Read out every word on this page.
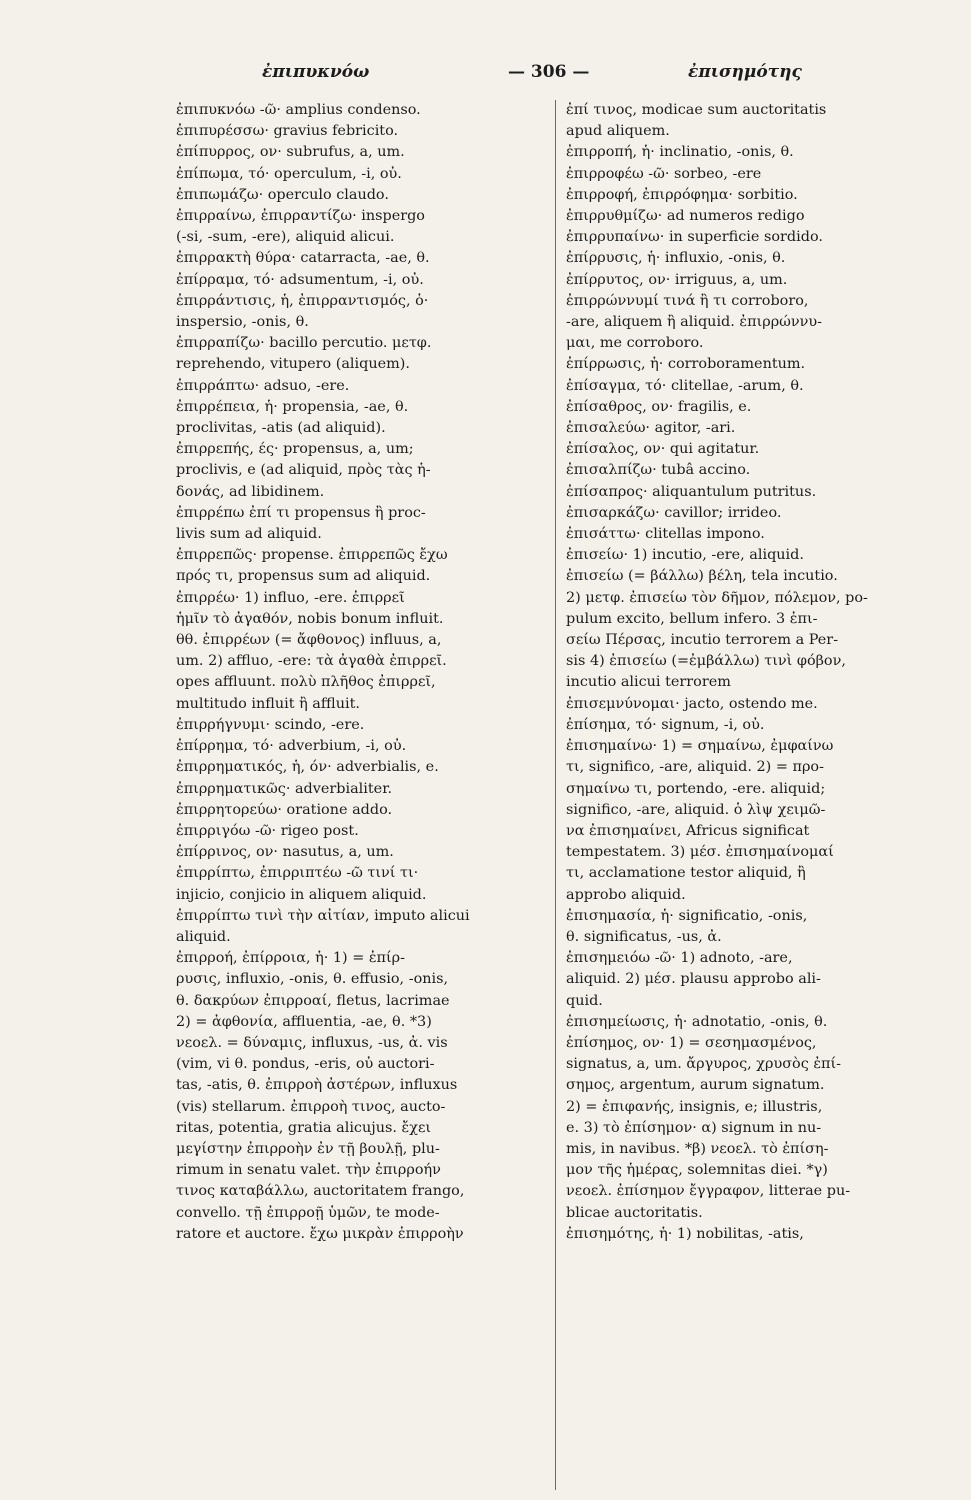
ἐπιπυκνόω	— 306 —	ἐπισημότης
ἐπιπυκνόω -ῶ· amplius condenso.
ἐπιπυρέσσω· gravius febricito.
ἐπίπυρρος, ον· subrufus, a, um.
ἐπίπωμα, τό· operculum, -i, οὐ.
ἐπιπωμάζω· operculo claudo.
ἐπιρραίνω, ἐπιρραντίζω· inspergo
(-si, -sum, -ere), aliquid alicui.
ἐπιρρακτὴ θύρα· catarracta, -ae, θ.
ἐπίρραμα, τό· adsumentum, -i, οὐ.
ἐπιρράντισις, ἡ, ἐπιρραντισμός, ὁ·
inspersio, -onis, θ.
ἐπιρραπίζω· bacillo percutio. μετφ.
reprehendo, vitupero (aliquem).
ἐπιρράπτω· adsuo, -ere.
ἐπιρρέπεια, ἡ· propensia, -ae, θ.
proclivitas, -atis (ad aliquid).
ἐπιρρεπής, ές· propensus, a, um;
proclivis, e (ad aliquid, πρὸς τὰς ἡ-
δονάς, ad libidinem.
ἐπιρρέπω ἐπί τι propensus ἢ proc-
livis sum ad aliquid.
ἐπιρρεπῶς· propense. ἐπιρρεπῶς ἔχω
πρός τι, propensus sum ad aliquid.
ἐπιρρέω· 1) influo, -ere. ἐπιρρεῖ
ἡμῖν τὸ ἀγαθόν, nobis bonum influit.
θθ. ἐπιρρέων (= ἄφθονος) influus, a,
um. 2) affluo, -ere: τὰ ἀγαθὰ ἐπιρρεῖ.
opes affluunt. πολὺ πλῆθος ἐπιρρεῖ,
multitudo influit ἢ affluit.
ἐπιρρήγνυμι· scindo, -ere.
ἐπίρρημα, τό· adverbium, -i, οὐ.
ἐπιρρηματικός, ἡ, όν· adverbialis, e.
ἐπιρρηματικῶς· adverbialiter.
ἐπιρρητορεύω· oratione addo.
ἐπιρριγόω -ῶ· rigeo post.
ἐπίρρινος, ον· nasutus, a, um.
ἐπιρρίπτω, ἐπιρριπτέω -ῶ τινί τι·
injicio, conjicio in aliquem aliquid.
ἐπιρρίπτω τινὶ τὴν αἰτίαν, imputo alicui
aliquid.
ἐπιρροή, ἐπίρροια, ἡ· 1) = ἐπίρ-
ρυσις, influxio, -onis, θ. effusio, -onis,
θ. δακρύων ἐπιρροαί, fletus, lacrimae
2) = ἀφθονία, affluentia, -ae, θ. *3)
νεοελ. = δύναμις, influxus, -us, ἀ. vis
(vim, vi θ. pondus, -eris, οὐ auctori-
tas, -atis, θ. ἐπιρροὴ ἀστέρων, influxus
(vis) stellarum. ἐπιρροὴ τινος, aucto-
ritas, potentia, gratia alicujus. ἔχει
μεγίστην ἐπιρροὴν ἐν τῇ βουλῇ, plu-
rimum in senatu valet. τὴν ἐπιρροήν
τινος καταβάλλω, auctoritatem frango,
convello. τῇ ἐπιρροῇ ὑμῶν, te mode-
ratore et auctore. ἔχω μικρὰν ἐπιρροὴν
ἐπί τινος, modicae sum auctoritatis
apud aliquem.
ἐπιρροπή, ἡ· inclinatio, -onis, θ.
ἐπιρροφέω -ῶ· sorbeo, -ere
ἐπιρροφή, ἐπιρρόφημα· sorbitio.
ἐπιρρυθμίζω· ad numeros redigo
ἐπιρρυπαίνω· in superficie sordido.
ἐπίρρυσις, ἡ· influxio, -onis, θ.
ἐπίρρυτος, ον· irriguus, a, um.
ἐπιρρώννυμί τινά ἢ τι corroboro,
-are, aliquem ἢ aliquid. ἐπιρρώννυ-
μαι, me corroboro.
ἐπίρρωσις, ἡ· corroboramentum.
ἐπίσαγμα, τό· clitellae, -arum, θ.
ἐπίσαθρος, ον· fragilis, e.
ἐπισαλεύω· agitor, -ari.
ἐπίσαλος, ον· qui agitatur.
ἐπισαλπίζω· tubâ accino.
ἐπίσαπρος· aliquantulum putritus.
ἐπισαρκάζω· cavillor; irrideo.
ἐπισάττω· clitellas impono.
ἐπισείω· 1) incutio, -ere, aliquid.
ἐπισείω (= βάλλω) βέλη, tela incutio.
2) μετφ. ἐπισείω τὸν δῆμον, πόλεμον, po-
pulum excito, bellum infero. 3 ἐπι-
σείω Πέρσας, incutio terrorem a Per-
sis 4) ἐπισείω (=ἐμβάλλω) τινὶ φόβον,
incutio alicui terrorem
ἐπισεμνύνομαι· jacto, ostendo me.
ἐπίσημα, τό· signum, -i, οὐ.
ἐπισημαίνω· 1) = σημαίνω, ἐμφαίνω
τι, significo, -are, aliquid. 2) = προ-
σημαίνω τι, portendo, -ere. aliquid;
significo, -are, aliquid. ὁ λὶψ χειμῶ-
να ἐπισημαίνει, Africus significat
tempestatem. 3) μέσ. ἐπισημαίνομαί
τι, acclamatione testor aliquid, ἢ
approbo aliquid.
ἐπισημασία, ἡ· significatio, -onis,
θ. significatus, -us, ἀ.
ἐπισημειόω -ῶ· 1) adnoto, -are,
aliquid. 2) μέσ. plausu approbo ali-
quid.
ἐπισημείωσις, ἡ· adnotatio, -onis, θ.
ἐπίσημος, ον· 1) = σεσημασμένος,
signatus, a, um. ἄργυρος, χρυσὸς ἐπί-
σημος, argentum, aurum signatum.
2) = ἐπιφανής, insignis, e; illustris,
e. 3) τὸ ἐπίσημον· α) signum in nu-
mis, in navibus. *β) νεοελ. τὸ ἐπίση-
μον τῆς ἡμέρας, solemnitas diei. *γ)
νεοελ. ἐπίσημον ἔγγραφον, litterae pu-
blicae auctoritatis.
ἐπισημότης, ἡ· 1) nobilitas, -atis,
